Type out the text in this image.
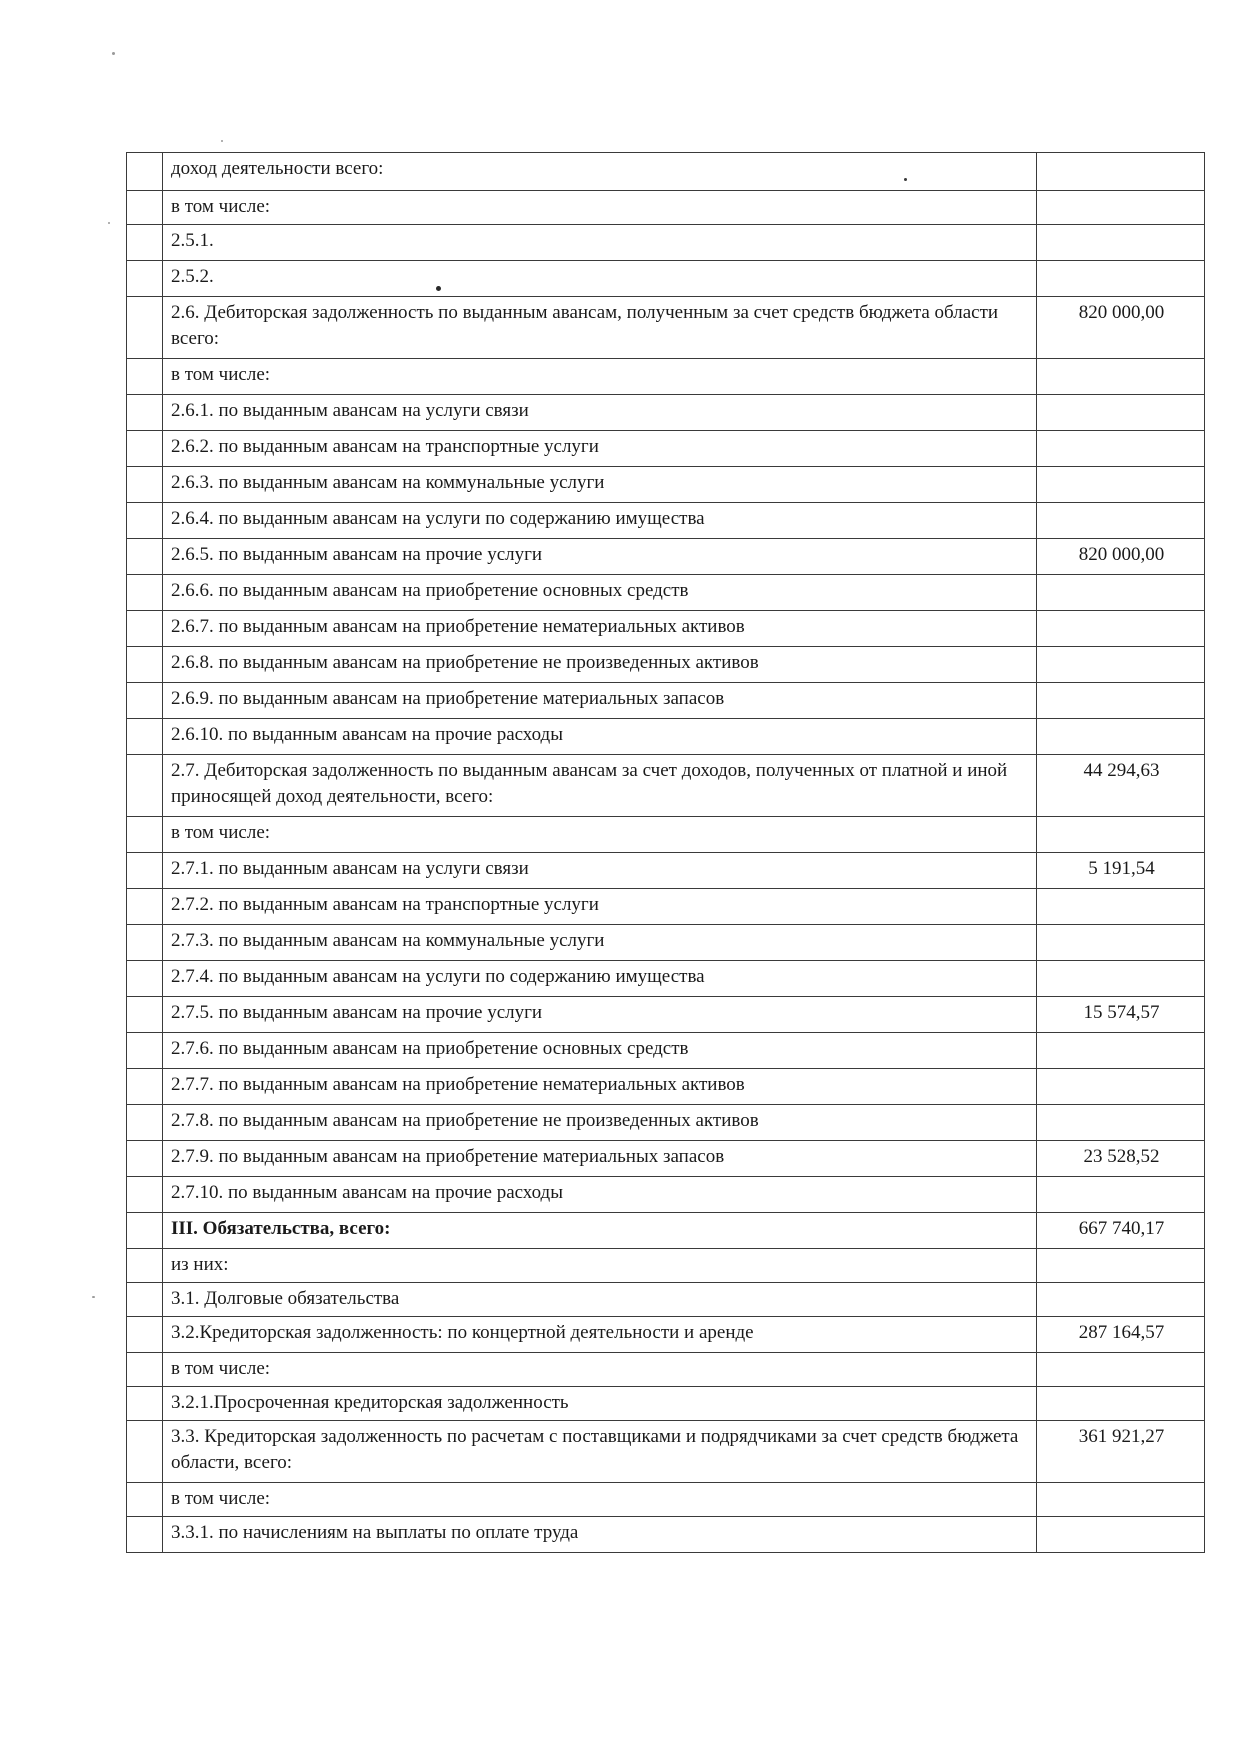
	доход деятельности всего:	
	в том числе:	
	2.5.1.	
	2.5.2.	
	2.6. Дебиторская задолженность по выданным авансам, полученным за счет средств бюджета области всего:	820 000,00
	в том числе:	
	2.6.1. по выданным авансам на услуги связи	
	2.6.2. по выданным авансам на транспортные услуги	
	2.6.3. по выданным авансам на коммунальные услуги	
	2.6.4. по выданным авансам на услуги по содержанию имущества	
	2.6.5. по выданным авансам на прочие услуги	820 000,00
	2.6.6. по выданным авансам на приобретение основных средств	
	2.6.7. по выданным авансам на приобретение нематериальных активов	
	2.6.8. по выданным авансам на приобретение не произведенных активов	
	2.6.9. по выданным авансам на приобретение материальных запасов	
	2.6.10. по выданным авансам на прочие расходы	
	2.7. Дебиторская задолженность по выданным авансам за счет доходов, полученных от платной и иной приносящей доход деятельности, всего:	44 294,63
	в том числе:	
	2.7.1. по выданным авансам на услуги связи	5 191,54
	2.7.2. по выданным авансам на транспортные услуги	
	2.7.3. по выданным авансам на коммунальные услуги	
	2.7.4. по выданным авансам на услуги по содержанию имущества	
	2.7.5. по выданным авансам на прочие услуги	15 574,57
	2.7.6. по выданным авансам на приобретение основных средств	
	2.7.7. по выданным авансам на приобретение нематериальных активов	
	2.7.8. по выданным авансам на приобретение не произведенных активов	
	2.7.9. по выданным авансам на приобретение материальных запасов	23 528,52
	2.7.10. по выданным авансам на прочие расходы	
	III. Обязательства, всего:	667 740,17
	из них:	
	3.1. Долговые обязательства	
	3.2.Кредиторская задолженность: по концертной деятельности и аренде	287 164,57
	в том числе:	
	3.2.1.Просроченная кредиторская задолженность	
	3.3. Кредиторская задолженность по расчетам с поставщиками и подрядчиками за счет средств бюджета области, всего:	361 921,27
	в том числе:	
	3.3.1. по начислениям на выплаты по оплате труда	
